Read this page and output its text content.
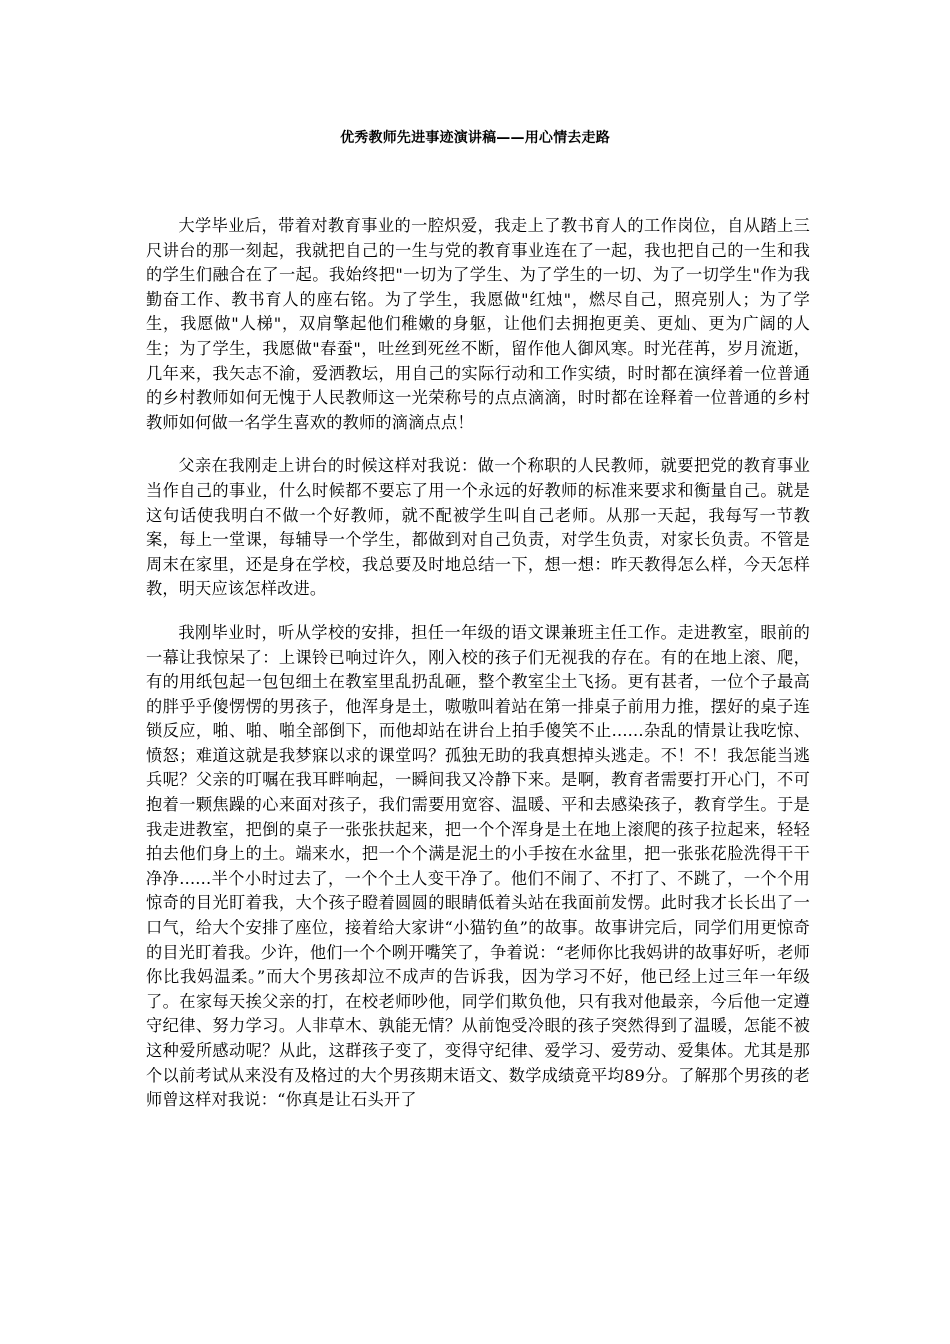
优秀教师先进事迹演讲稿——用心情去走路

大学毕业后，带着对教育事业的一腔炽爱，我走上了教书育人的工作岗位，自从踏上三尺讲台的那一刻起，我就把自己的一生与党的教育事业连在了一起，我也把自己的一生和我的学生们融合在了一起。我始终把"一切为了学生、为了学生的一切、为了一切学生"作为我勤奋工作、教书育人的座右铭。为了学生，我愿做"红烛"，燃尽自己，照亮别人；为了学生，我愿做"人梯"，双肩擎起他们稚嫩的身躯，让他们去拥抱更美、更灿、更为广阔的人生；为了学生，我愿做"春蚕"，吐丝到死丝不断，留作他人御风寒。时光荏苒，岁月流逝，几年来，我矢志不渝，爱洒教坛，用自己的实际行动和工作实绩，时时都在演绎着一位普通的乡村教师如何无愧于人民教师这一光荣称号的点点滴滴，时时都在诠释着一位普通的乡村教师如何做一名学生喜欢的教师的滴滴点点！

父亲在我刚走上讲台的时候这样对我说：做一个称职的人民教师，就要把党的教育事业当作自己的事业，什么时候都不要忘了用一个永远的好教师的标准来要求和衡量自己。就是这句话使我明白不做一个好教师，就不配被学生叫自己老师。从那一天起，我每写一节教案，每上一堂课，每辅导一个学生，都做到对自己负责，对学生负责，对家长负责。不管是周末在家里，还是身在学校，我总要及时地总结一下，想一想：昨天教得怎么样，今天怎样教，明天应该怎样改进。

我刚毕业时，听从学校的安排，担任一年级的语文课兼班主任工作。走进教室，眼前的一幕让我惊呆了：上课铃已响过许久，刚入校的孩子们无视我的存在。有的在地上滚、爬，有的用纸包起一包包细土在教室里乱扔乱砸，整个教室尘土飞扬。更有甚者，一位个子最高的胖乎乎傻愣愣的男孩子，他浑身是土，嗷嗷叫着站在第一排桌子前用力推，摆好的桌子连锁反应，啪、啪、啪全部倒下，而他却站在讲台上拍手傻笑不止......杂乱的情景让我吃惊、愤怒；难道这就是我梦寐以求的课堂吗？孤独无助的我真想掉头逃走。不！不！我怎能当逃兵呢？父亲的叮嘱在我耳畔响起，一瞬间我又冷静下来。是啊，教育者需要打开心门，不可抱着一颗焦躁的心来面对孩子，我们需要用宽容、温暖、平和去感染孩子，教育学生。于是我走进教室，把倒的桌子一张张扶起来，把一个个浑身是土在地上滚爬的孩子拉起来，轻轻拍去他们身上的土。端来水，把一个个满是泥土的小手按在水盆里，把一张张花脸洗得干干净净......半个小时过去了，一个个土人变干净了。他们不闹了、不打了、不跳了，一个个用惊奇的目光盯着我，大个孩子瞪着圆圆的眼睛低着头站在我面前发愣。此时我才长长出了一口气，给大个安排了座位，接着给大家讲“小猫钓鱼”的故事。故事讲完后，同学们用更惊奇的目光盯着我。少许，他们一个个咧开嘴笑了，争着说：“老师你比我妈讲的故事好听，老师你比我妈温柔。”而大个男孩却泣不成声的告诉我，因为学习不好，他已经上过三年一年级了。在家每天挨父亲的打，在校老师吵他，同学们欺负他，只有我对他最亲，今后他一定遵守纪律、努力学习。人非草木、孰能无情？从前饱受冷眼的孩子突然得到了温暖，怎能不被这种爱所感动呢？从此，这群孩子变了，变得守纪律、爱学习、爱劳动、爱集体。尤其是那个以前考试从来没有及格过的大个男孩期末语文、数学成绩竟平均89分。了解那个男孩的老师曾这样对我说：“你真是让石头开了
